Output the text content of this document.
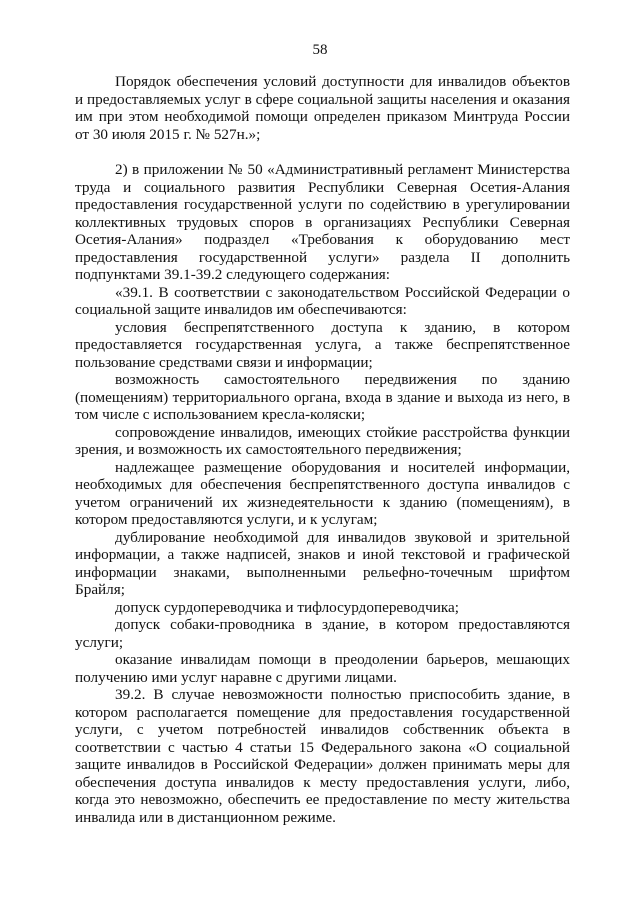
58

Порядок обеспечения условий доступности для инвалидов объектов и предоставляемых услуг в сфере социальной защиты населения и оказания им при этом необходимой помощи определен приказом Минтруда России от 30 июля 2015 г. № 527н.»;

2) в приложении № 50 «Административный регламент Министерства труда и социального развития Республики Северная Осетия-Алания предоставления государственной услуги по содействию в урегулировании коллективных трудовых споров в организациях Республики Северная Осетия-Алания» подраздел «Требования к оборудованию мест предоставления государственной услуги» раздела II дополнить подпунктами 39.1-39.2 следующего содержания:

«39.1. В соответствии с законодательством Российской Федерации о социальной защите инвалидов им обеспечиваются:

условия беспрепятственного доступа к зданию, в котором предоставляется государственная услуга, а также беспрепятственное пользование средствами связи и информации;

возможность самостоятельного передвижения по зданию (помещениям) территориального органа, входа в здание и выхода из него, в том числе с использованием кресла-коляски;

сопровождение инвалидов, имеющих стойкие расстройства функции зрения, и возможность их самостоятельного передвижения;

надлежащее размещение оборудования и носителей информации, необходимых для обеспечения беспрепятственного доступа инвалидов с учетом ограничений их жизнедеятельности к зданию (помещениям), в котором предоставляются услуги, и к услугам;

дублирование необходимой для инвалидов звуковой и зрительной информации, а также надписей, знаков и иной текстовой и графической информации знаками, выполненными рельефно-точечным шрифтом Брайля;

допуск сурдопереводчика и тифлосурдопереводчика;

допуск собаки-проводника в здание, в котором предоставляются услуги;

оказание инвалидам помощи в преодолении барьеров, мешающих получению ими услуг наравне с другими лицами.

39.2. В случае невозможности полностью приспособить здание, в котором располагается помещение для предоставления государственной услуги, с учетом потребностей инвалидов собственник объекта в соответствии с частью 4 статьи 15 Федерального закона «О социальной защите инвалидов в Российской Федерации» должен принимать меры для обеспечения доступа инвалидов к месту предоставления услуги, либо, когда это невозможно, обеспечить ее предоставление по месту жительства инвалида или в дистанционном режиме.
